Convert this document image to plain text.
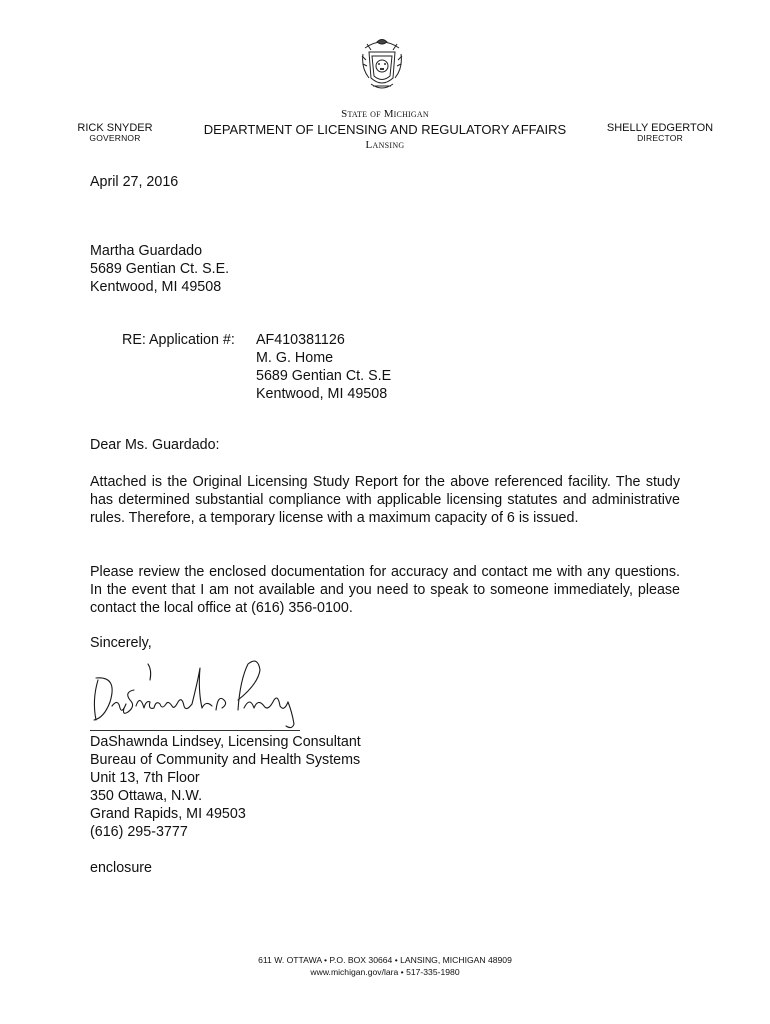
RICK SNYDER
GOVERNOR
State of Michigan
DEPARTMENT OF LICENSING AND REGULATORY AFFAIRS
Lansing
SHELLY EDGERTON
DIRECTOR
April 27, 2016
Martha Guardado
5689 Gentian Ct. S.E.
Kentwood, MI 49508
RE: Application #: AF410381126
M. G. Home
5689 Gentian Ct. S.E
Kentwood, MI 49508
Dear Ms. Guardado:
Attached is the Original Licensing Study Report for the above referenced facility. The study has determined substantial compliance with applicable licensing statutes and administrative rules. Therefore, a temporary license with a maximum capacity of 6 is issued.
Please review the enclosed documentation for accuracy and contact me with any questions. In the event that I am not available and you need to speak to someone immediately, please contact the local office at (616) 356-0100.
Sincerely,
DaShawnda Lindsey, Licensing Consultant
Bureau of Community and Health Systems
Unit 13, 7th Floor
350 Ottawa, N.W.
Grand Rapids, MI 49503
(616) 295-3777
enclosure
611 W. OTTAWA • P.O. BOX 30664 • LANSING, MICHIGAN 48909
www.michigan.gov/lara • 517-335-1980
